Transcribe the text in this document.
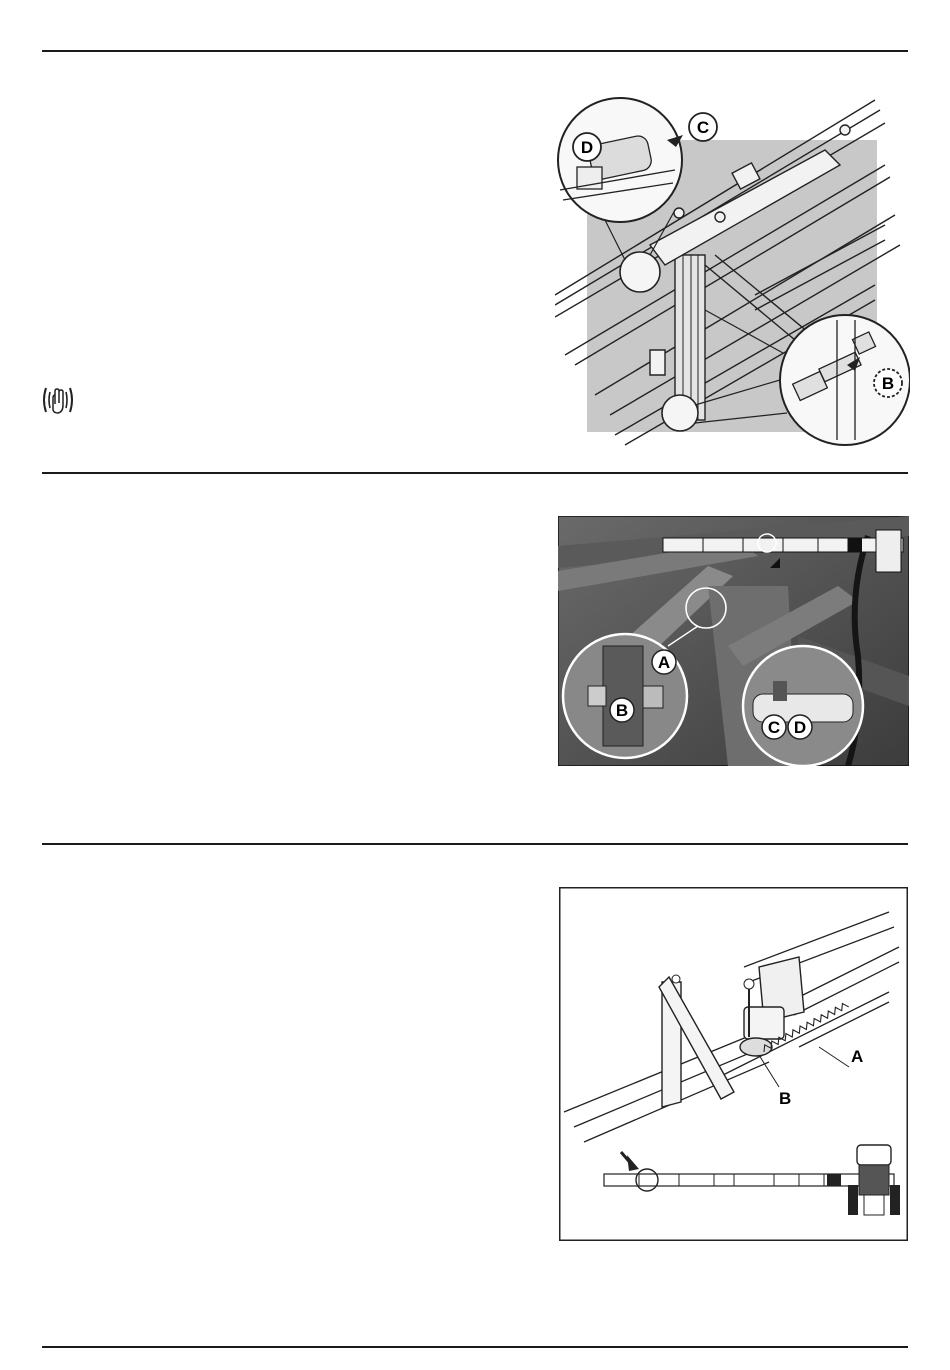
C
D
B
A
B
C D
A
B
